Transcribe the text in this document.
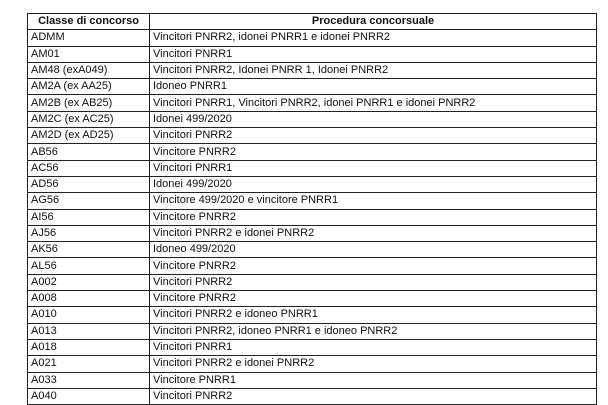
Classe di concorso	Procedura concorsuale
ADMM	Vincitori PNRR2, idonei PNRR1 e idonei PNRR2
AM01	Vincitori PNRR1
AM48 (exA049)	Vincitori PNRR2, Idonei PNRR 1, Idonei PNRR2
AM2A (ex AA25)	Idoneo PNRR1
AM2B (ex AB25)	Vincitori PNRR1, Vincitori PNRR2, idonei PNRR1 e idonei PNRR2
AM2C (ex AC25)	Idonei 499/2020
AM2D (ex AD25)	Vincitori PNRR2
AB56	Vincitore PNRR2
AC56	Vincitori PNRR1
AD56	Idonei 499/2020
AG56	Vincitore 499/2020 e vincitore PNRR1
AI56	Vincitore PNRR2
AJ56	Vincitori PNRR2 e idonei PNRR2
AK56	Idoneo 499/2020
AL56	Vincitore PNRR2
A002	Vincitori PNRR2
A008	Vincitore PNRR2
A010	Vincitori PNRR2 e idoneo PNRR1
A013	Vincitori PNRR2, idoneo PNRR1 e idoneo PNRR2
A018	Vincitori PNRR1
A021	Vincitori PNRR2 e idonei PNRR2
A033	Vincitore PNRR1
A040	Vincitori PNRR2
